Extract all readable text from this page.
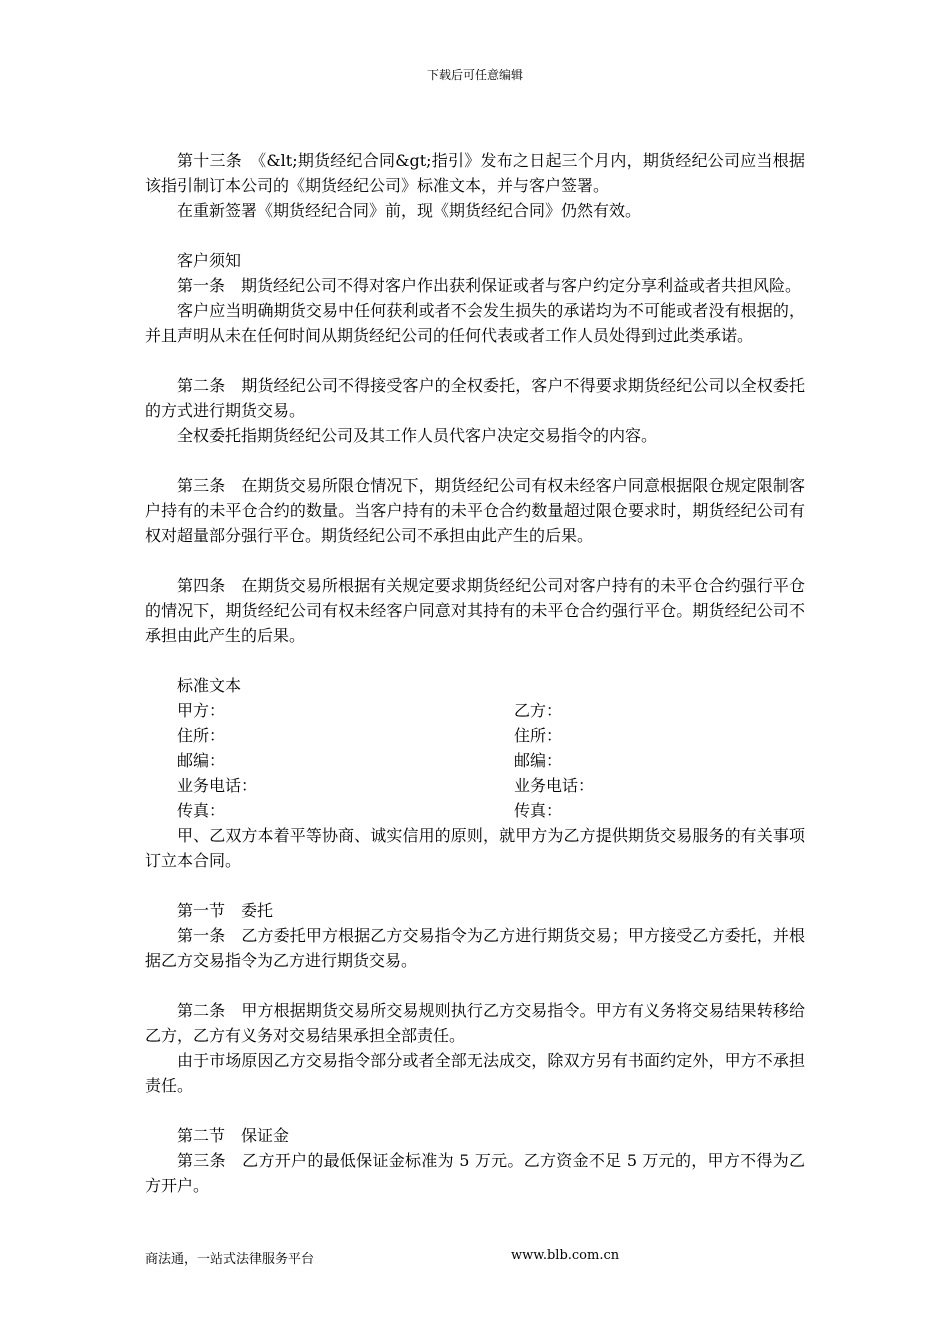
下载后可任意编辑

第十三条　《&lt;期货经纪合同&gt;指引》发布之日起三个月内，期货经纪公司应当根据该指引制订本公司的《期货经纪公司》标准文本，并与客户签署。

在重新签署《期货经纪合同》前，现《期货经纪合同》仍然有效。

客户须知

第一条　期货经纪公司不得对客户作出获利保证或者与客户约定分享利益或者共担风险。

客户应当明确期货交易中任何获利或者不会发生损失的承诺均为不可能或者没有根据的，并且声明从未在任何时间从期货经纪公司的任何代表或者工作人员处得到过此类承诺。

第二条　期货经纪公司不得接受客户的全权委托，客户不得要求期货经纪公司以全权委托的方式进行期货交易。

全权委托指期货经纪公司及其工作人员代客户决定交易指令的内容。

第三条　在期货交易所限仓情况下，期货经纪公司有权未经客户同意根据限仓规定限制客户持有的未平仓合约的数量。当客户持有的未平仓合约数量超过限仓要求时，期货经纪公司有权对超量部分强行平仓。期货经纪公司不承担由此产生的后果。

第四条　在期货交易所根据有关规定要求期货经纪公司对客户持有的未平仓合约强行平仓的情况下，期货经纪公司有权未经客户同意对其持有的未平仓合约强行平仓。期货经纪公司不承担由此产生的后果。

标准文本

甲方：	乙方：
住所：	住所：
邮编：	邮编：
业务电话：	业务电话：
传真：	传真：

甲、乙双方本着平等协商、诚实信用的原则，就甲方为乙方提供期货交易服务的有关事项订立本合同。

第一节　委托

第一条　乙方委托甲方根据乙方交易指令为乙方进行期货交易；甲方接受乙方委托，并根据乙方交易指令为乙方进行期货交易。

第二条　甲方根据期货交易所交易规则执行乙方交易指令。甲方有义务将交易结果转移给乙方，乙方有义务对交易结果承担全部责任。

由于市场原因乙方交易指令部分或者全部无法成交，除双方另有书面约定外，甲方不承担责任。

第二节　保证金

第三条　乙方开户的最低保证金标准为 5 万元。乙方资金不足 5 万元的，甲方不得为乙方开户。

商法通，一站式法律服务平台	www.blb.com.cn
